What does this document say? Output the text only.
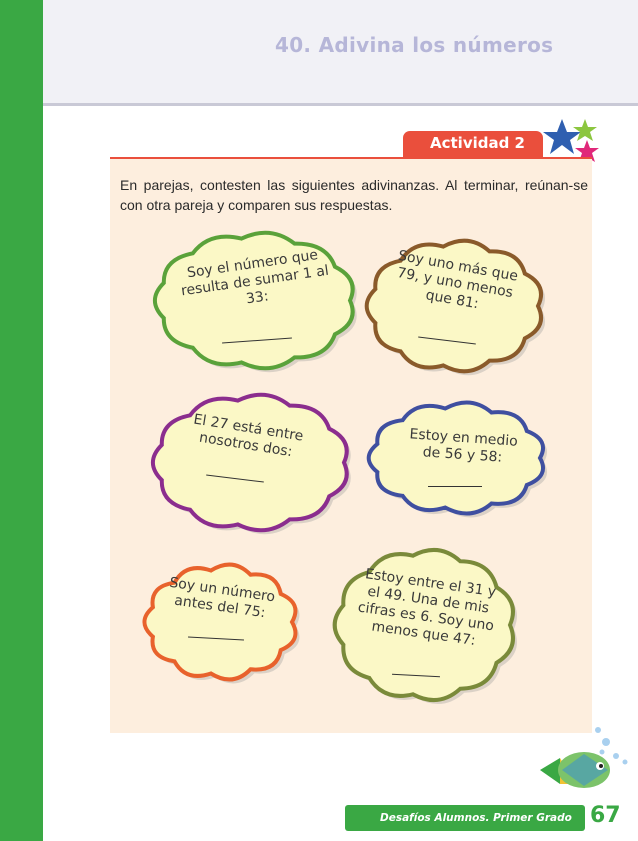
40. Adivina los números
Actividad 2

En parejas, contesten las siguientes adivinanzas. Al terminar, reúnan-se con otra pareja y comparen sus respuestas.

Soy el número que
resulta de sumar 1 al
33:
Soy uno más que
79, y uno menos
que 81:
El 27 está entre
nosotros dos:	Estoy en medio
de 56 y 58:
Soy un número
antes del 75:
Estoy entre el 31 y
el 49. Una de mis
cifras es 6. Soy uno
menos que 47:
Desafíos Alumnos. Primer Grado 67
